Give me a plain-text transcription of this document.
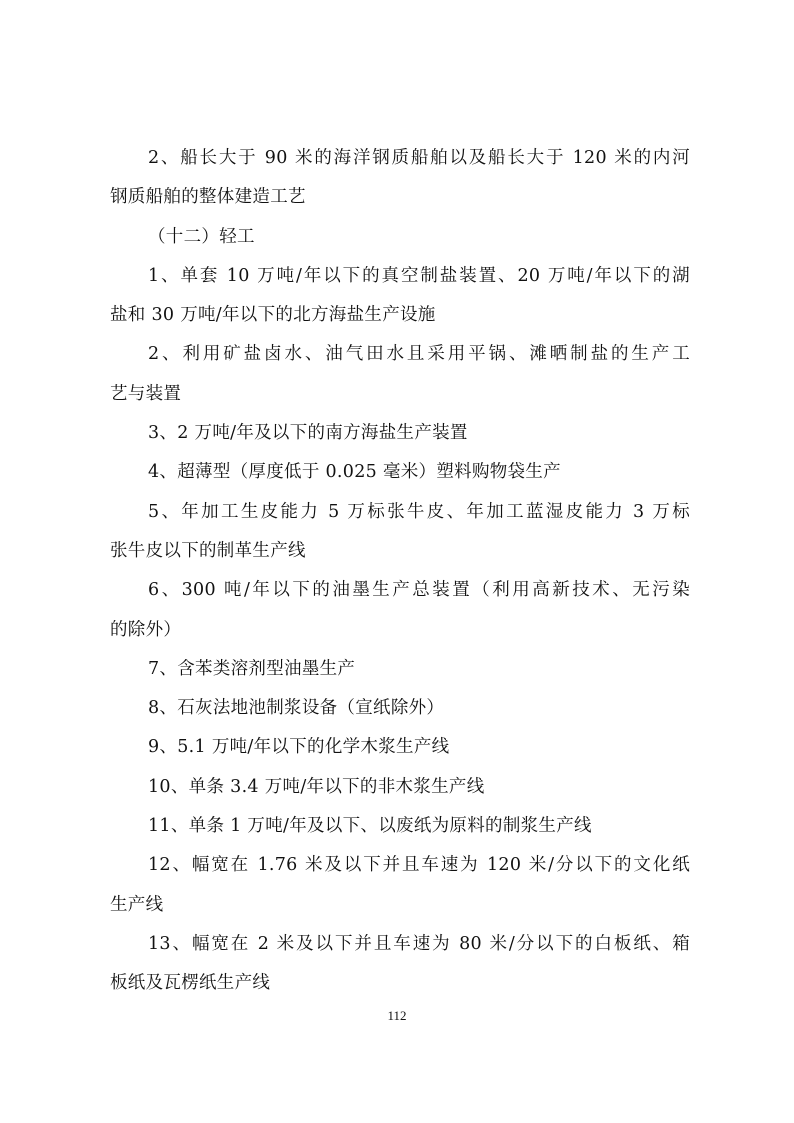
2、船长大于 90 米的海洋钢质船舶以及船长大于 120 米的内河
钢质船舶的整体建造工艺
（十二）轻工
1、单套 10 万吨/年以下的真空制盐装置、20 万吨/年以下的湖
盐和 30 万吨/年以下的北方海盐生产设施
2、利用矿盐卤水、油气田水且采用平锅、滩晒制盐的生产工
艺与装置
3、2 万吨/年及以下的南方海盐生产装置
4、超薄型（厚度低于 0.025 毫米）塑料购物袋生产
5、年加工生皮能力 5 万标张牛皮、年加工蓝湿皮能力 3 万标
张牛皮以下的制革生产线
6、300 吨/年以下的油墨生产总装置（利用高新技术、无污染
的除外）
7、含苯类溶剂型油墨生产
8、石灰法地池制浆设备（宣纸除外）
9、5.1 万吨/年以下的化学木浆生产线
10、单条 3.4 万吨/年以下的非木浆生产线
11、单条 1 万吨/年及以下、以废纸为原料的制浆生产线
12、幅宽在 1.76 米及以下并且车速为 120 米/分以下的文化纸
生产线
13、幅宽在 2 米及以下并且车速为 80 米/分以下的白板纸、箱
板纸及瓦楞纸生产线
112
